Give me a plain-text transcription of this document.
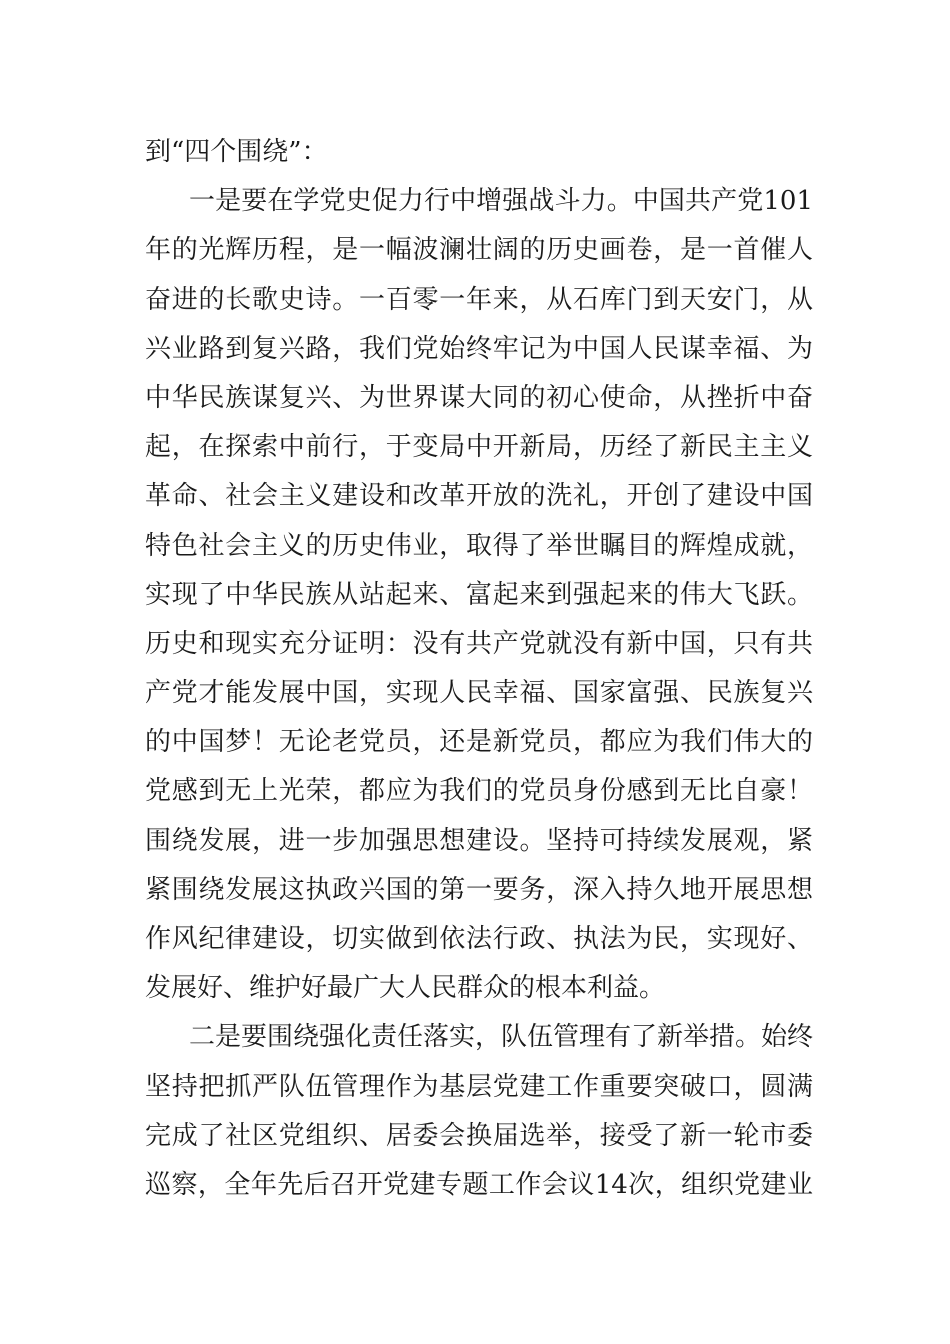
到“四个围绕”：
一是要在学党史促力行中增强战斗力。中国共产党101
年的光辉历程，是一幅波澜壮阔的历史画卷，是一首催人
奋进的长歌史诗。一百零一年来，从石库门到天安门，从
兴业路到复兴路，我们党始终牢记为中国人民谋幸福、为
中华民族谋复兴、为世界谋大同的初心使命，从挫折中奋
起，在探索中前行，于变局中开新局，历经了新民主主义
革命、社会主义建设和改革开放的洗礼，开创了建设中国
特色社会主义的历史伟业，取得了举世瞩目的辉煌成就，
实现了中华民族从站起来、富起来到强起来的伟大飞跃。
历史和现实充分证明：没有共产党就没有新中国，只有共
产党才能发展中国，实现人民幸福、国家富强、民族复兴
的中国梦！无论老党员，还是新党员，都应为我们伟大的
党感到无上光荣，都应为我们的党员身份感到无比自豪！
围绕发展，进一步加强思想建设。坚持可持续发展观，紧
紧围绕发展这执政兴国的第一要务，深入持久地开展思想
作风纪律建设，切实做到依法行政、执法为民，实现好、
发展好、维护好最广大人民群众的根本利益。
二是要围绕强化责任落实，队伍管理有了新举措。始终
坚持把抓严队伍管理作为基层党建工作重要突破口，圆满
完成了社区党组织、居委会换届选举，接受了新一轮市委
巡察，全年先后召开党建专题工作会议14次，组织党建业
